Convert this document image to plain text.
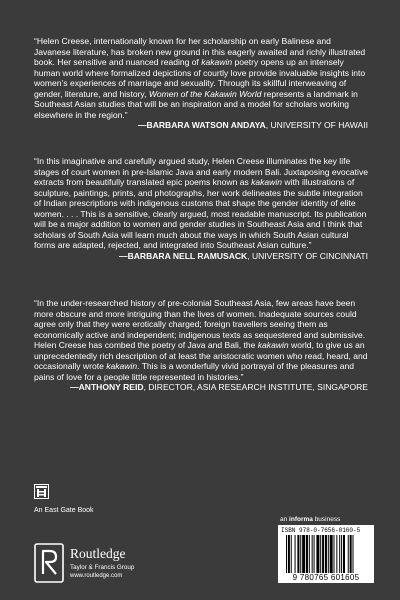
“Helen Creese, internationally known for her scholarship on early Balinese and Javanese literature, has broken new ground in this eagerly awaited and richly illustrated book. Her sensitive and nuanced reading of kakawin poetry opens up an intensely human world where formalized depictions of courtly love provide invaluable insights into women’s experiences of marriage and sexuality. Through its skillful interweaving of gender, literature, and history, Women of the Kakawin World represents a landmark in Southeast Asian studies that will be an inspiration and a model for scholars working elsewhere in the region.”

—BARBARA WATSON ANDAYA, UNIVERSITY OF HAWAII

“In this imaginative and carefully argued study, Helen Creese illuminates the key life stages of court women in pre-Islamic Java and early modern Bali. Juxtaposing evocative extracts from beautifully translated epic poems known as kakawin with illustrations of sculpture, paintings, prints, and photographs, her work delineates the subtle integration of Indian prescriptions with indigenous customs that shape the gender identity of elite women. . . . This is a sensitive, clearly argued, most readable manuscript. Its publication will be a major addition to women and gender studies in Southeast Asia and I think that scholars of South Asia will learn much about the ways in which South Asian cultural forms are adapted, rejected, and integrated into Southeast Asian culture.”

—BARBARA NELL RAMUSACK, UNIVERSITY OF CINCINNATI

“In the under-researched history of pre-colonial Southeast Asia, few areas have been more obscure and more intriguing than the lives of women. Inadequate sources could agree only that they were erotically charged; foreign travellers seeing them as economically active and independent; indigenous texts as sequestered and submissive. Helen Creese has combed the poetry of Java and Bali, the kakawin world, to give us an unprecedentedly rich description of at least the aristocratic women who read, heard, and occasionally wrote kakawin. This is a wonderfully vivid portrayal of the pleasures and pains of love for a people little represented in histories.”

—ANTHONY REID, DIRECTOR, ASIA RESEARCH INSTITUTE, SINGAPORE

An East Gate Book
an informa business
ISBN 978-0-7656-0160-5
9 780765 601605
Routledge
Taylor & Francis Group
www.routledge.com
